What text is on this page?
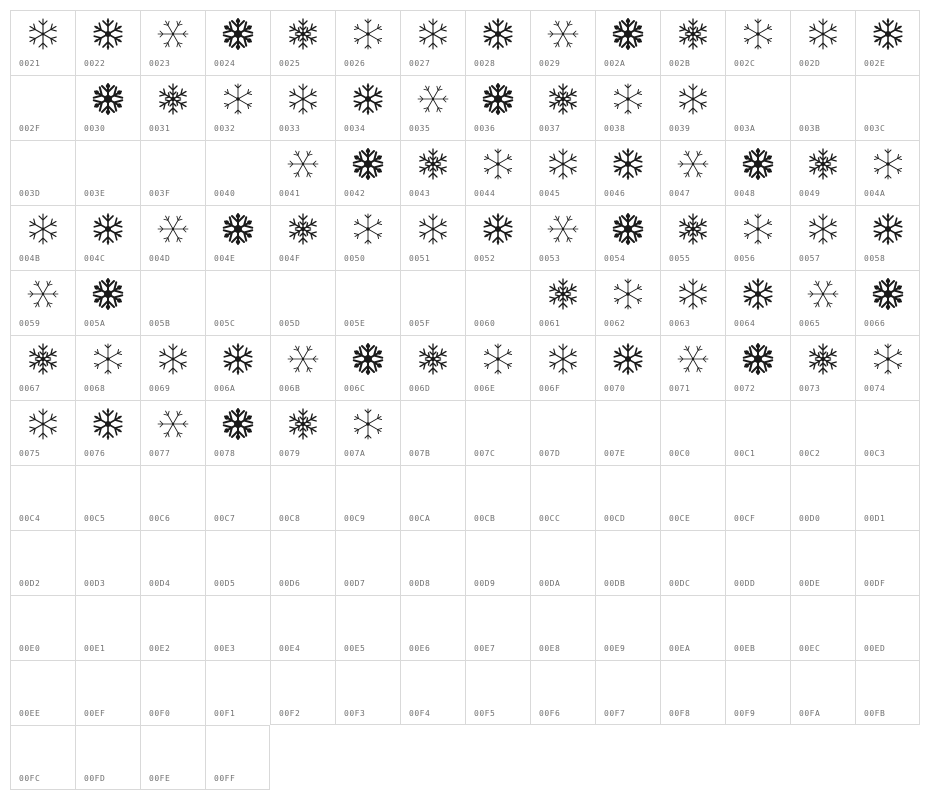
0021	0022	0023	0024	0025	0026	0027	0028	0029	002A	002B	002C	002D	002E
002F	0030	0031	0032	0033	0034	0035	0036	0037	0038	0039	003A	003B	003C
003D	003E	003F	0040	0041	0042	0043	0044	0045	0046	0047	0048	0049	004A
004B	004C	004D	004E	004F	0050	0051	0052	0053	0054	0055	0056	0057	0058
0059	005A	005B	005C	005D	005E	005F	0060	0061	0062	0063	0064	0065	0066
0067	0068	0069	006A	006B	006C	006D	006E	006F	0070	0071	0072	0073	0074
0075	0076	0077	0078	0079	007A	007B	007C	007D	007E	00C0	00C1	00C2	00C3
00C4	00C5	00C6	00C7	00C8	00C9	00CA	00CB	00CC	00CD	00CE	00CF	00D0	00D1
00D2	00D3	00D4	00D5	00D6	00D7	00D8	00D9	00DA	00DB	00DC	00DD	00DE	00DF
00E0	00E1	00E2	00E3	00E4	00E5	00E6	00E7	00E8	00E9	00EA	00EB	00EC	00ED
00EE	00EF	00F0	00F1	00F2	00F3	00F4	00F5	00F6	00F7	00F8	00F9	00FA	00FB
00FC	00FD	00FE	00FF
